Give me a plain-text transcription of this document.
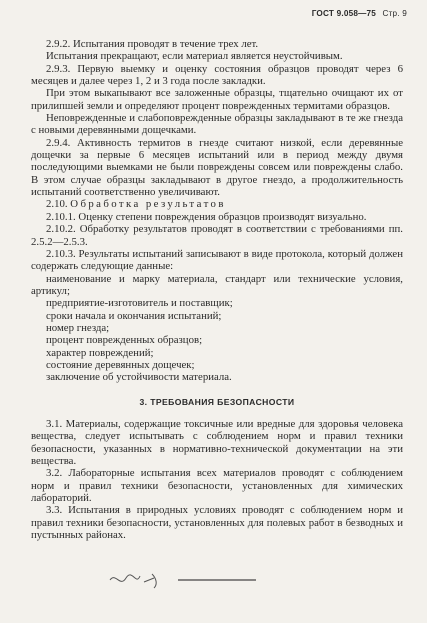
ГОСТ 9.058—75 Стр. 9

2.9.2. Испытания проводят в течение трех лет.

Испытания прекращают, если материал является неустойчивым.

2.9.3. Первую выемку и оценку состояния образцов проводят через 6 месяцев и далее через 1, 2 и 3 года после закладки.

При этом выкапывают все заложенные образцы, тщательно очищают их от прилипшей земли и определяют процент поврежденных термитами образцов.

Неповрежденные и слабоповрежденные образцы закладывают в те же гнезда с новыми деревянными дощечками.

2.9.4. Активность термитов в гнезде считают низкой, если деревянные дощечки за первые 6 месяцев испытаний или в период между двумя последующими выемками не были повреждены совсем или повреждены слабо. В этом случае образцы закладывают в другое гнездо, а продолжительность испытаний соответственно увеличивают.

2.10. Обработка результатов

2.10.1. Оценку степени повреждения образцов производят визуально.

2.10.2. Обработку результатов проводят в соответствии с требованиями пп. 2.5.2—2.5.3.

2.10.3. Результаты испытаний записывают в виде протокола, который должен содержать следующие данные:

наименование и марку материала, стандарт или технические условия, артикул;

предприятие-изготовитель и поставщик;

сроки начала и окончания испытаний;

номер гнезда;

процент поврежденных образцов;

характер повреждений;

состояние деревянных дощечек;

заключение об устойчивости материала.

3. ТРЕБОВАНИЯ БЕЗОПАСНОСТИ

3.1. Материалы, содержащие токсичные или вредные для здоровья человека вещества, следует испытывать с соблюдением норм и правил техники безопасности, указанных в нормативно-технической документации на эти вещества.

3.2. Лабораторные испытания всех материалов проводят с соблюдением норм и правил техники безопасности, установленных для химических лабораторий.

3.3. Испытания в природных условиях проводят с соблюдением норм и правил техники безопасности, установленных для полевых работ в безводных и пустынных районах.
